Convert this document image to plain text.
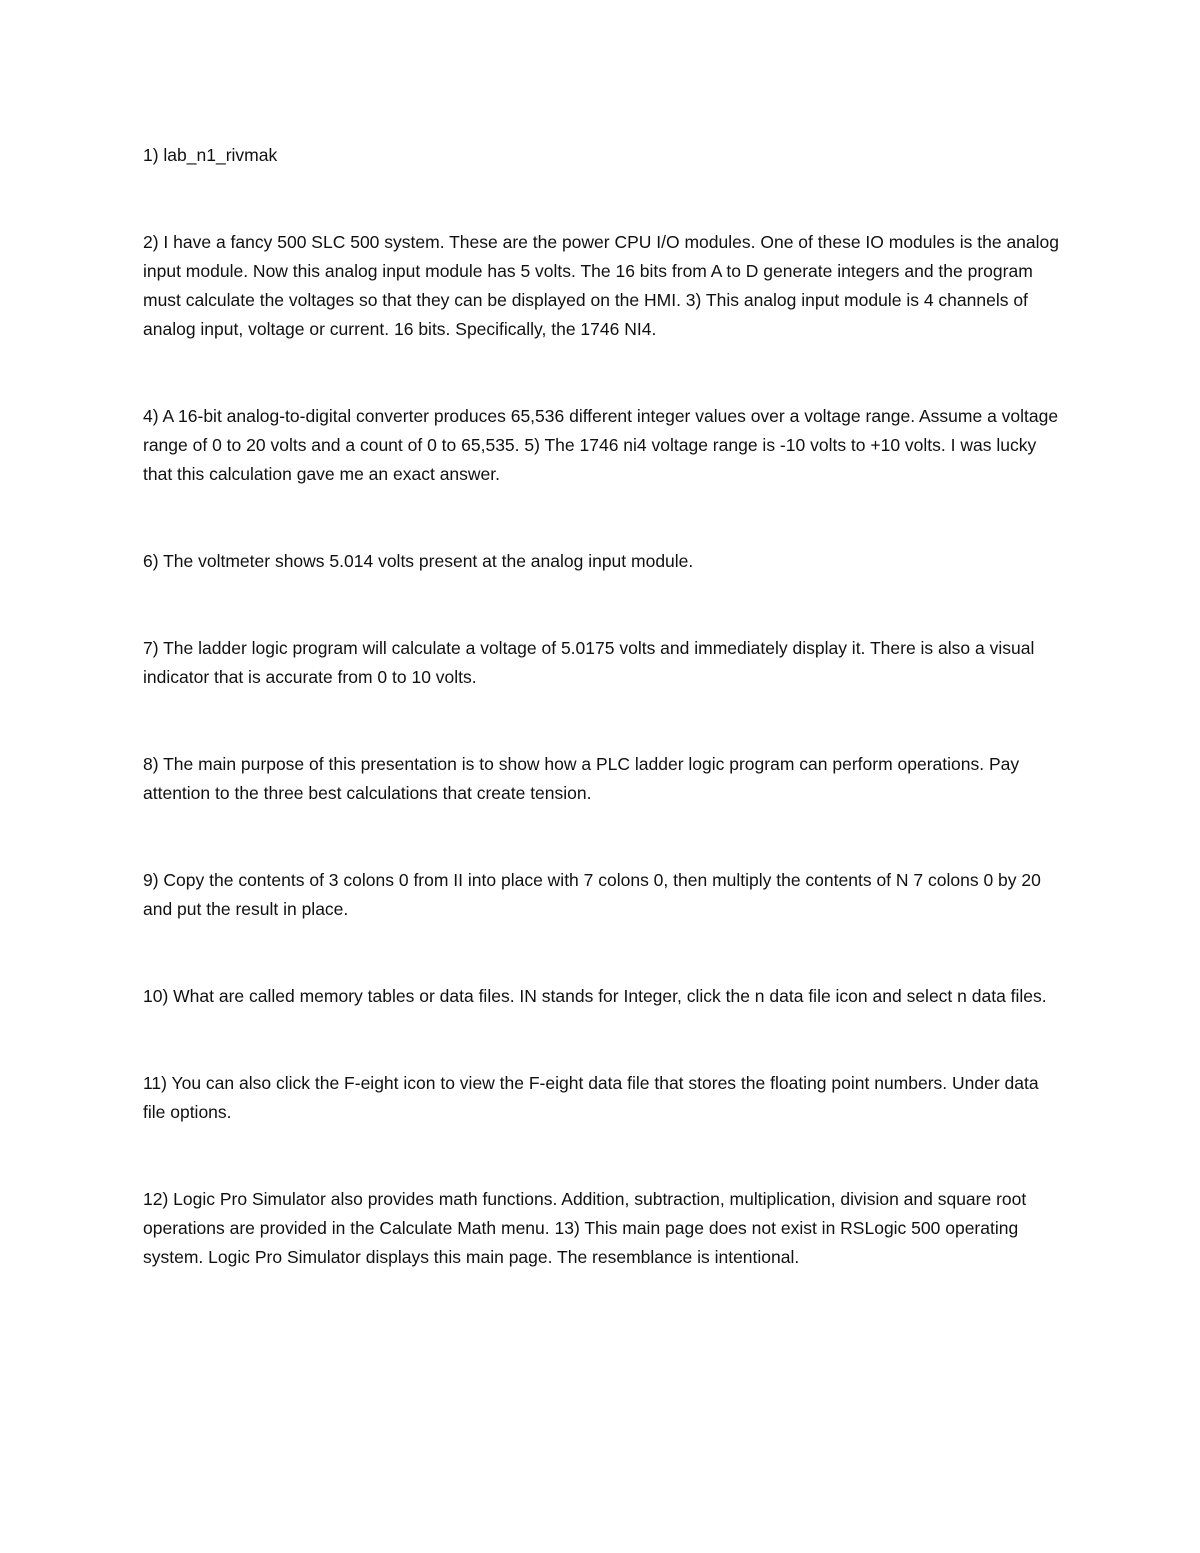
1) lab_n1_rivmak

2) I have a fancy 500 SLC 500 system. These are the power CPU I/O modules. One of these IO modules is the analog input module. Now this analog input module has 5 volts. The 16 bits from A to D generate integers and the program must calculate the voltages so that they can be displayed on the HMI. 3) This analog input module is 4 channels of analog input, voltage or current. 16 bits. Specifically, the 1746 NI4.

4) A 16-bit analog-to-digital converter produces 65,536 different integer values over a voltage range. Assume a voltage range of 0 to 20 volts and a count of 0 to 65,535. 5) The 1746 ni4 voltage range is -10 volts to +10 volts. I was lucky that this calculation gave me an exact answer.

6) The voltmeter shows 5.014 volts present at the analog input module.

7) The ladder logic program will calculate a voltage of 5.0175 volts and immediately display it. There is also a visual indicator that is accurate from 0 to 10 volts.

8) The main purpose of this presentation is to show how a PLC ladder logic program can perform operations. Pay attention to the three best calculations that create tension.

9) Copy the contents of 3 colons 0 from II into place with 7 colons 0, then multiply the contents of N 7 colons 0 by 20 and put the result in place.

10) What are called memory tables or data files. IN stands for Integer, click the n data file icon and select n data files.

11) You can also click the F-eight icon to view the F-eight data file that stores the floating point numbers. Under data file options.

12) Logic Pro Simulator also provides math functions. Addition, subtraction, multiplication, division and square root operations are provided in the Calculate Math menu. 13) This main page does not exist in RSLogic 500 operating system. Logic Pro Simulator displays this main page. The resemblance is intentional.
